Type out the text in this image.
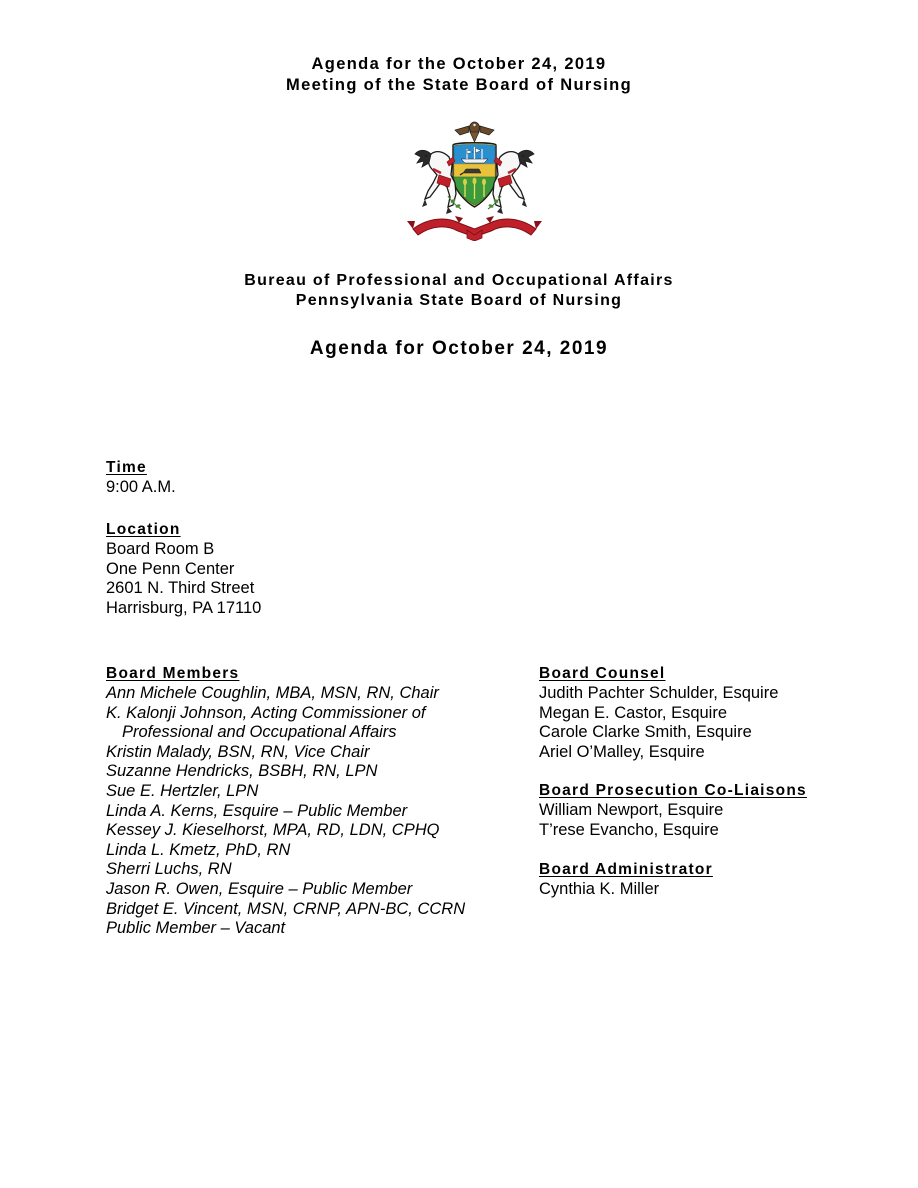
Agenda for the October 24, 2019
Meeting of the State Board of Nursing
Bureau of Professional and Occupational Affairs
Pennsylvania State Board of Nursing
Agenda for October 24, 2019
Time
9:00 A.M.
Location
Board Room B
One Penn Center
2601 N. Third Street
Harrisburg, PA 17110
Board Members
Ann Michele Coughlin, MBA, MSN, RN, Chair
K. Kalonji Johnson, Acting Commissioner of
Professional and Occupational Affairs
Kristin Malady, BSN, RN, Vice Chair
Suzanne Hendricks, BSBH, RN, LPN
Sue E. Hertzler, LPN
Linda A. Kerns, Esquire – Public Member
Kessey J. Kieselhorst, MPA, RD, LDN, CPHQ
Linda L. Kmetz, PhD, RN
Sherri Luchs, RN
Jason R. Owen, Esquire – Public Member
Bridget E. Vincent, MSN, CRNP, APN-BC, CCRN
Public Member – Vacant
Board Counsel
Judith Pachter Schulder, Esquire
Megan E. Castor, Esquire
Carole Clarke Smith, Esquire
Ariel O’Malley, Esquire
Board Prosecution Co-Liaisons
William Newport, Esquire
T’rese Evancho, Esquire
Board Administrator
Cynthia K. Miller
